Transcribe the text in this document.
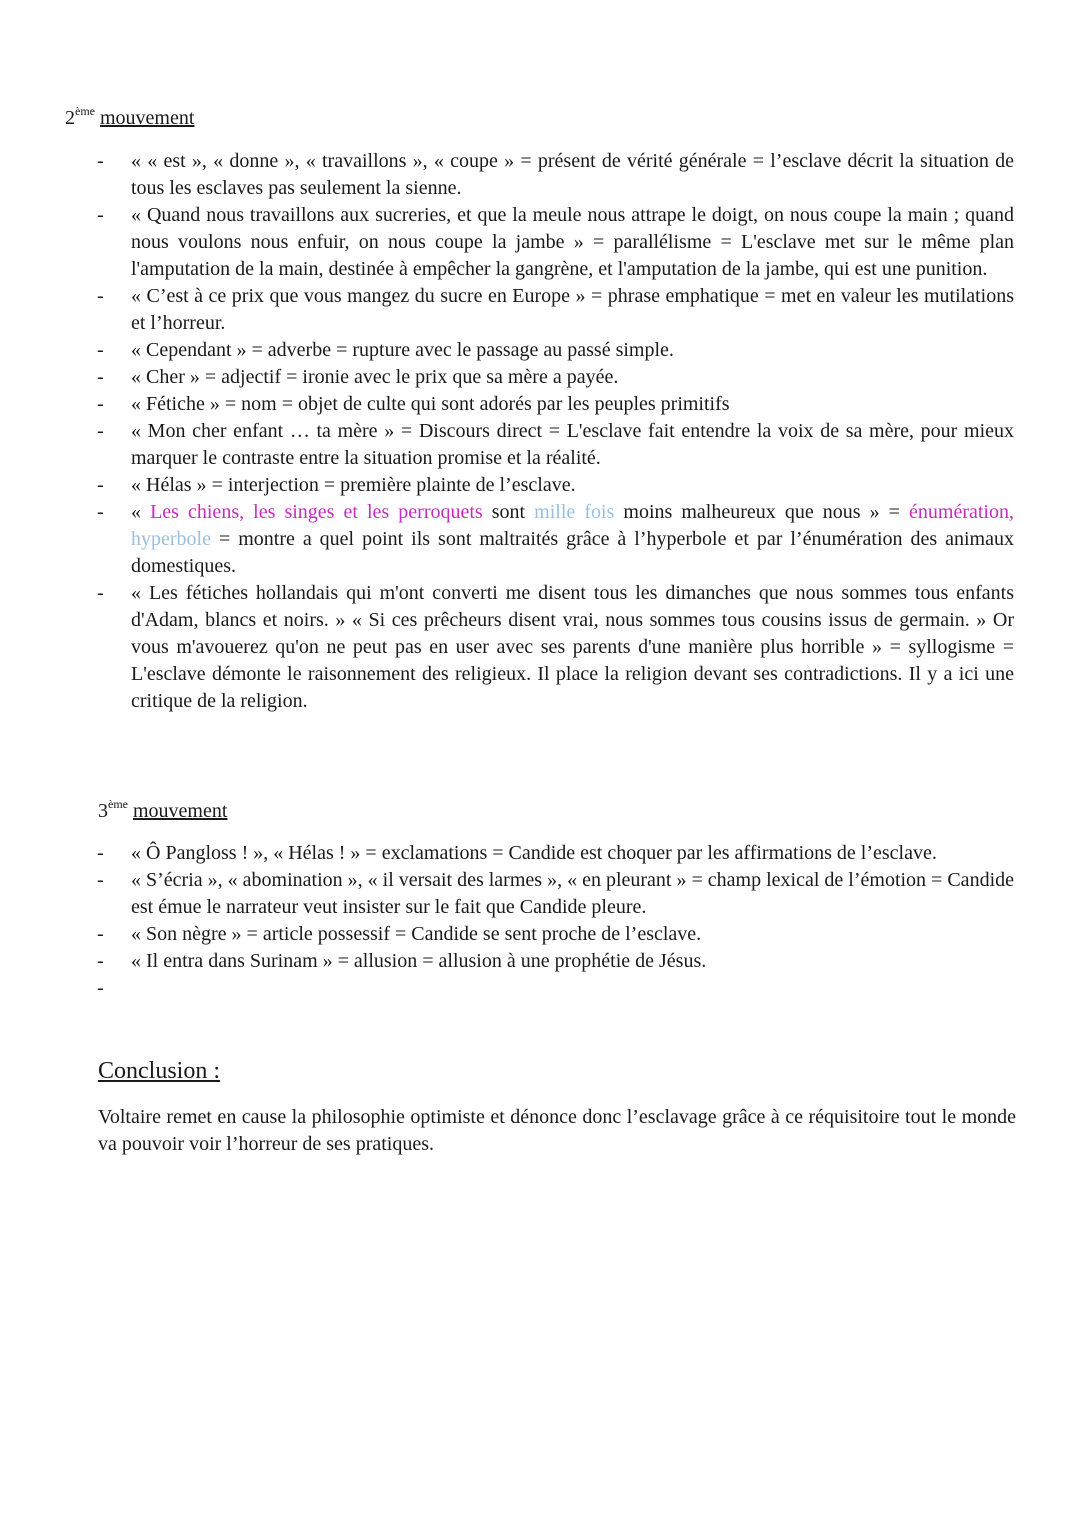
2ème mouvement
- « « est », « donne », « travaillons », « coupe » = présent de vérité générale = l’esclave décrit la situation de tous les esclaves pas seulement la sienne.
- « Quand nous travaillons aux sucreries, et que la meule nous attrape le doigt, on nous coupe la main ; quand nous voulons nous enfuir, on nous coupe la jambe » = parallélisme = L'esclave met sur le même plan l'amputation de la main, destinée à empêcher la gangrène, et l'amputation de la jambe, qui est une punition.
- « C’est à ce prix que vous mangez du sucre en Europe » = phrase emphatique = met en valeur les mutilations et l’horreur.
- « Cependant » = adverbe = rupture avec le passage au passé simple.
- « Cher » = adjectif = ironie avec le prix que sa mère a payée.
- « Fétiche » = nom = objet de culte qui sont adorés par les peuples primitifs
- « Mon cher enfant … ta mère » = Discours direct = L'esclave fait entendre la voix de sa mère, pour mieux marquer le contraste entre la situation promise et la réalité.
- « Hélas » = interjection = première plainte de l’esclave.
- « Les chiens, les singes et les perroquets sont mille fois moins malheureux que nous » = énumération, hyperbole = montre a quel point ils sont maltraités grâce à l’hyperbole et par l’énumération des animaux domestiques.
- « Les fétiches hollandais qui m'ont converti me disent tous les dimanches que nous sommes tous enfants d'Adam, blancs et noirs. » « Si ces prêcheurs disent vrai, nous sommes tous cousins issus de germain. » Or vous m'avouerez qu'on ne peut pas en user avec ses parents d'une manière plus horrible » = syllogisme = L'esclave démonte le raisonnement des religieux. Il place la religion devant ses contradictions. Il y a ici une critique de la religion.
3ème mouvement
- « Ô Pangloss ! », « Hélas ! » = exclamations = Candide est choquer par les affirmations de l’esclave.
- « S’écria », « abomination », « il versait des larmes », « en pleurant » = champ lexical de l’émotion = Candide est émue le narrateur veut insister sur le fait que Candide pleure.
- « Son nègre » = article possessif = Candide se sent proche de l’esclave.
- « Il entra dans Surinam » = allusion = allusion à une prophétie de Jésus.
-

Conclusion :
Voltaire remet en cause la philosophie optimiste et dénonce donc l’esclavage grâce à ce réquisitoire tout le monde va pouvoir voir l’horreur de ses pratiques.
